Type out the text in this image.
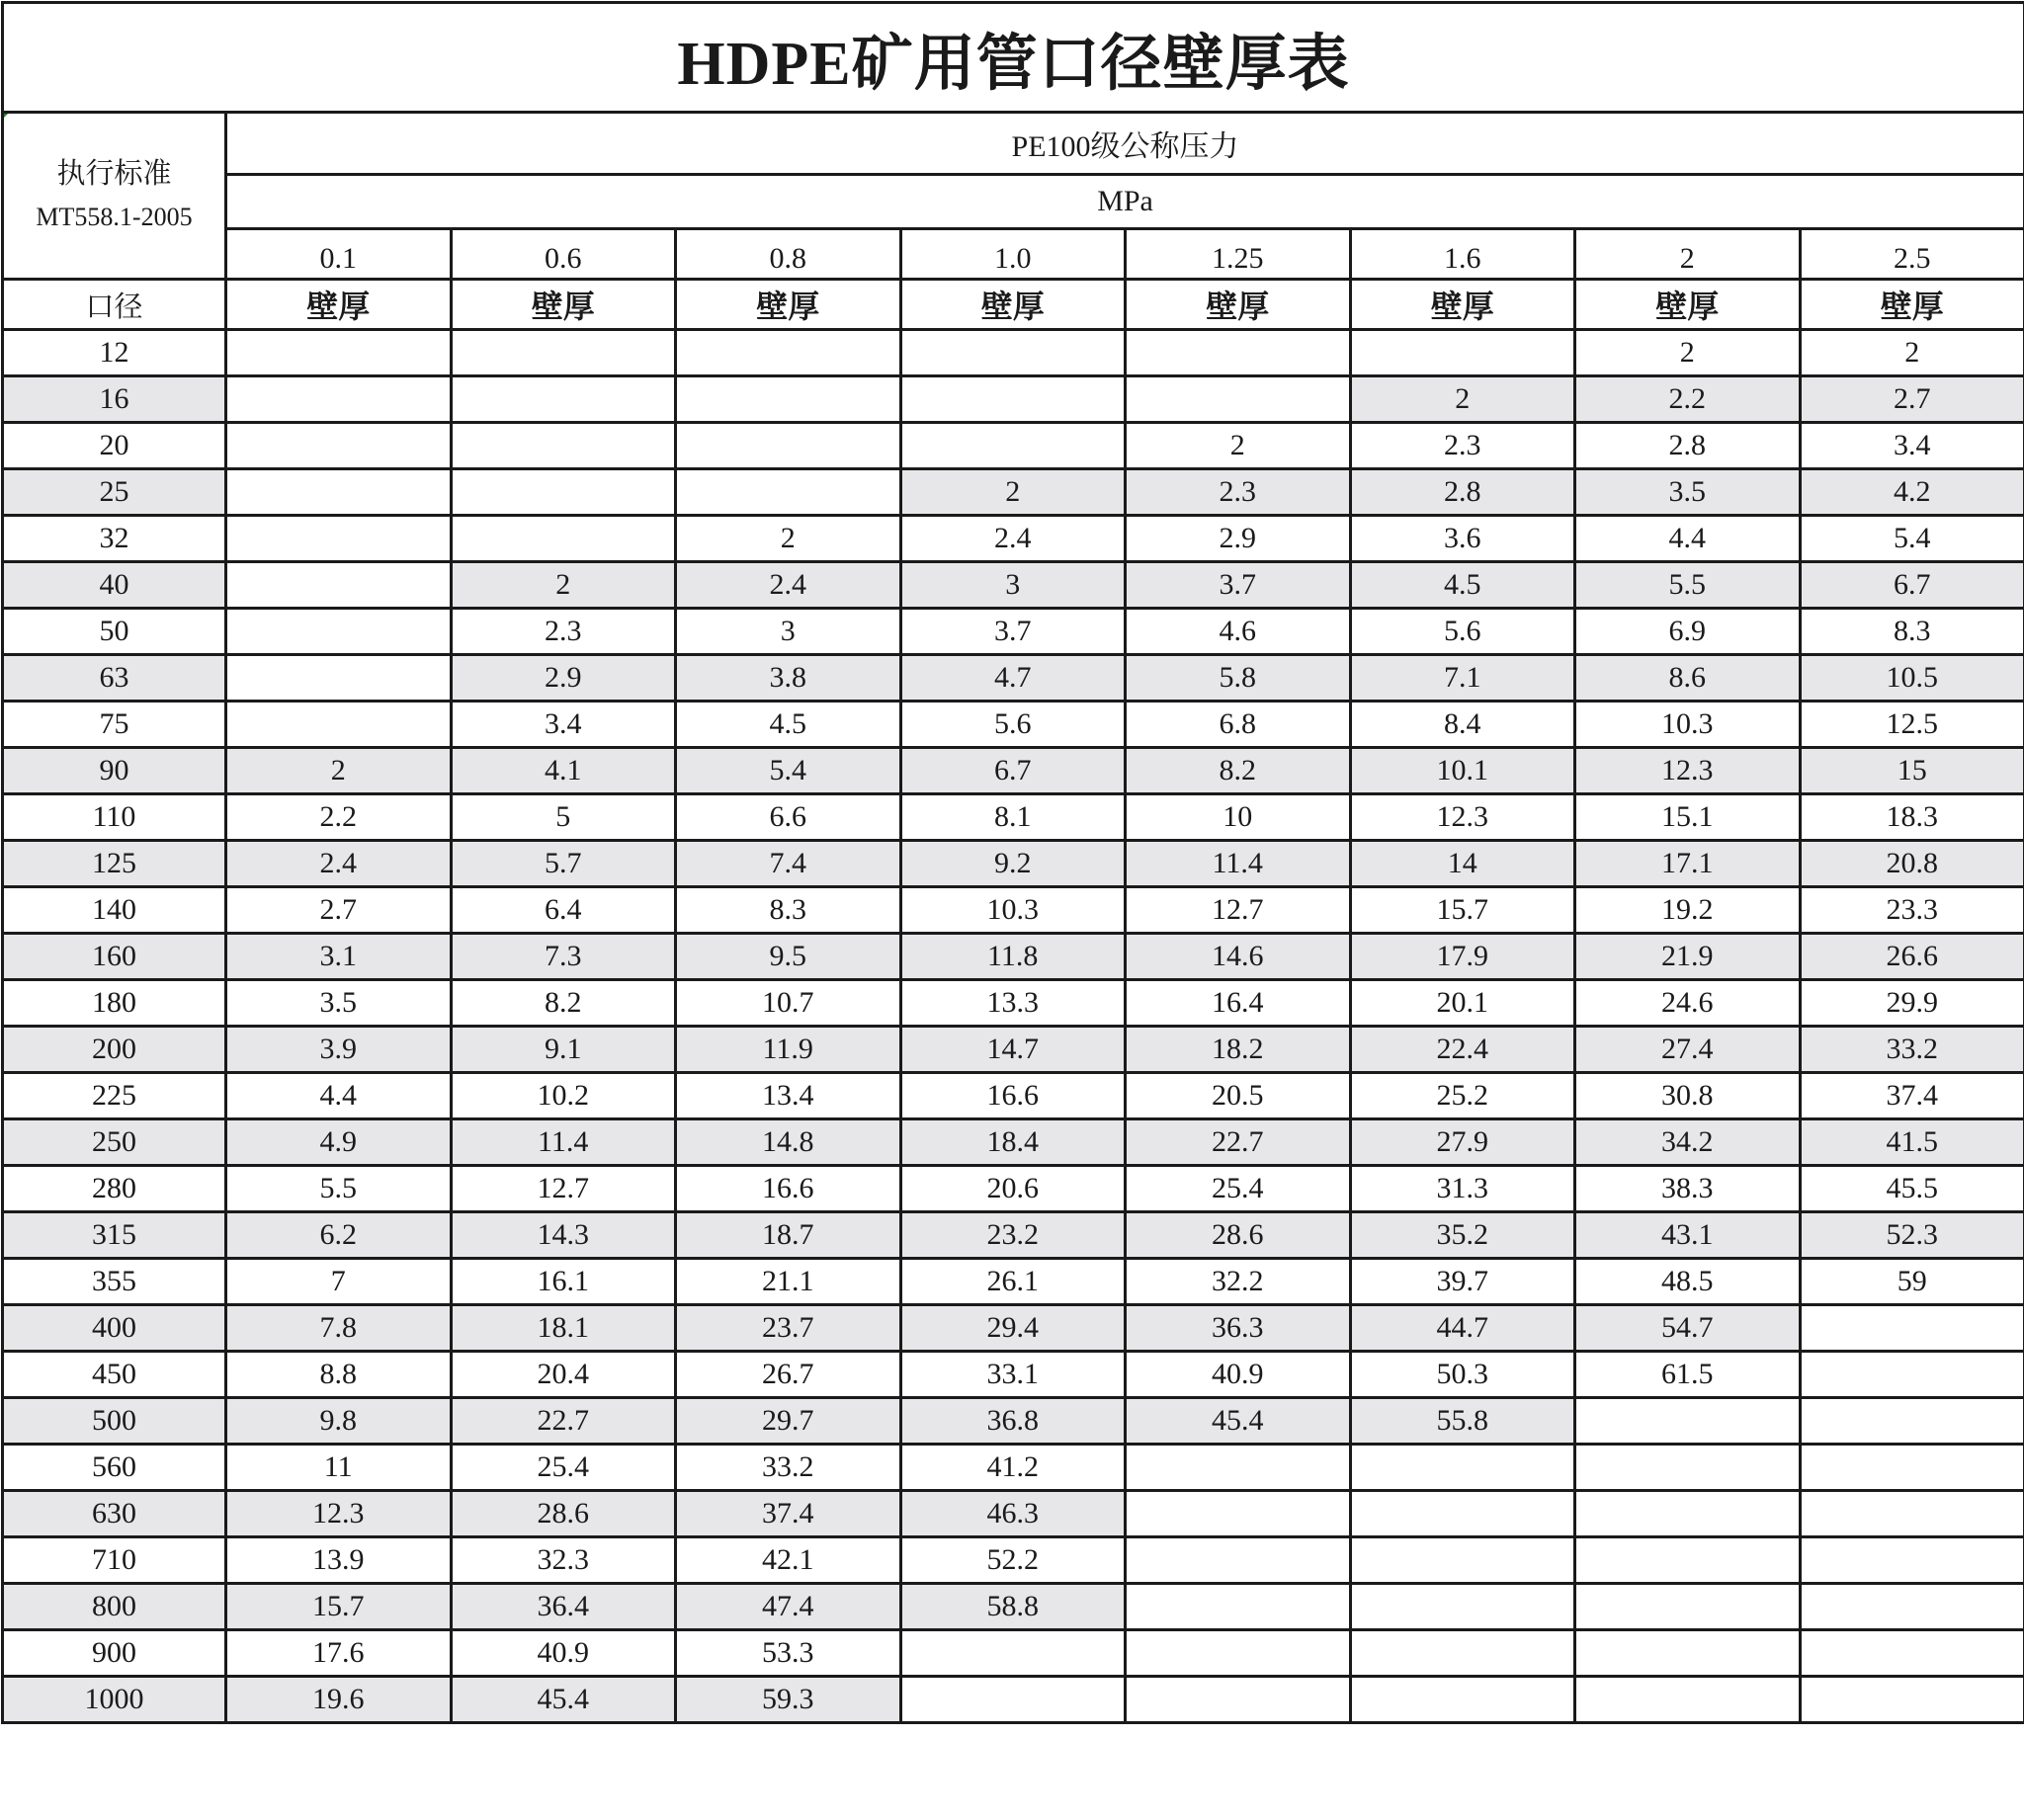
HDPE矿用管口径壁厚表								

执行标准
MT558.1-2005	PE100级公称压力							
	MPa							
	0.1	0.6	0.8	1.0	1.25	1.6	2	2.5
口径	壁厚	壁厚	壁厚	壁厚	壁厚	壁厚	壁厚	壁厚
12							2	2
16						2	2.2	2.7
20					2	2.3	2.8	3.4
25				2	2.3	2.8	3.5	4.2
32			2	2.4	2.9	3.6	4.4	5.4
40		2	2.4	3	3.7	4.5	5.5	6.7
50		2.3	3	3.7	4.6	5.6	6.9	8.3
63		2.9	3.8	4.7	5.8	7.1	8.6	10.5
75		3.4	4.5	5.6	6.8	8.4	10.3	12.5
90	2	4.1	5.4	6.7	8.2	10.1	12.3	15
110	2.2	5	6.6	8.1	10	12.3	15.1	18.3
125	2.4	5.7	7.4	9.2	11.4	14	17.1	20.8
140	2.7	6.4	8.3	10.3	12.7	15.7	19.2	23.3
160	3.1	7.3	9.5	11.8	14.6	17.9	21.9	26.6
180	3.5	8.2	10.7	13.3	16.4	20.1	24.6	29.9
200	3.9	9.1	11.9	14.7	18.2	22.4	27.4	33.2
225	4.4	10.2	13.4	16.6	20.5	25.2	30.8	37.4
250	4.9	11.4	14.8	18.4	22.7	27.9	34.2	41.5
280	5.5	12.7	16.6	20.6	25.4	31.3	38.3	45.5
315	6.2	14.3	18.7	23.2	28.6	35.2	43.1	52.3
355	7	16.1	21.1	26.1	32.2	39.7	48.5	59
400	7.8	18.1	23.7	29.4	36.3	44.7	54.7	
450	8.8	20.4	26.7	33.1	40.9	50.3	61.5	
500	9.8	22.7	29.7	36.8	45.4	55.8		
560	11	25.4	33.2	41.2				
630	12.3	28.6	37.4	46.3				
710	13.9	32.3	42.1	52.2				
800	15.7	36.4	47.4	58.8				
900	17.6	40.9	53.3					
1000	19.6	45.4	59.3					
